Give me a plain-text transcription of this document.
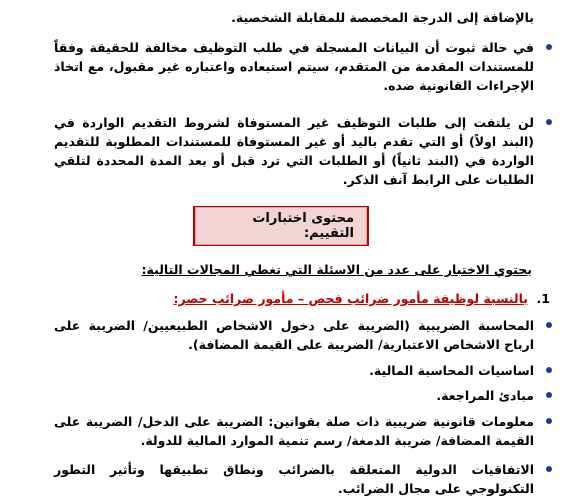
بالإضافة إلى الدرجة المخصصة للمقابلة الشخصية.
في حالة ثبوت أن البيانات المسجلة في طلب التوظيف مخالفة للحقيقة وفقاً للمستندات المقدمة من المتقدم، سيتم استبعاده واعتباره غير مقبول، مع اتخاذ الإجراءات القانونية ضده.
لن يلتفت إلى طلبات التوظيف غير المستوفاة لشروط التقديم الواردة في (البند اولاً) أو التي تقدم باليد أو غير المستوفاة للمستندات المطلوبة للتقديم الواردة في (البند ثانياً) أو الطلبات التي ترد قبل أو بعد المدة المحددة لتلقي الطلبات على الرابط آنف الذكر.
محتوى اختبارات التقييم:
يحتوي الاختبار على عدد من الاسئلة التي تغطي المجالات التالية:
1.
بالنسبة لوظيفة مأمور ضرائب فحص – مأمور ضرائب حصر:
المحاسبة الضريبية (الضريبة على دخول الاشخاص الطبيعيين/ الضريبة على ارباح الاشخاص الاعتبارية/ الضريبة على القيمة المضافة).
اساسيات المحاسبة المالية.
مبادئ المراجعة.
معلومات قانونية ضريبية ذات صلة بقوانين: الضريبة على الدخل/ الضريبة على القيمة المضافة/ ضريبة الدمغة/ رسم تنمية الموارد المالية للدولة.
الاتفاقيات الدولية المتعلقة بالضرائب ونطاق تطبيقها وتأثير التطور التكنولوجي على مجال الضرائب.
